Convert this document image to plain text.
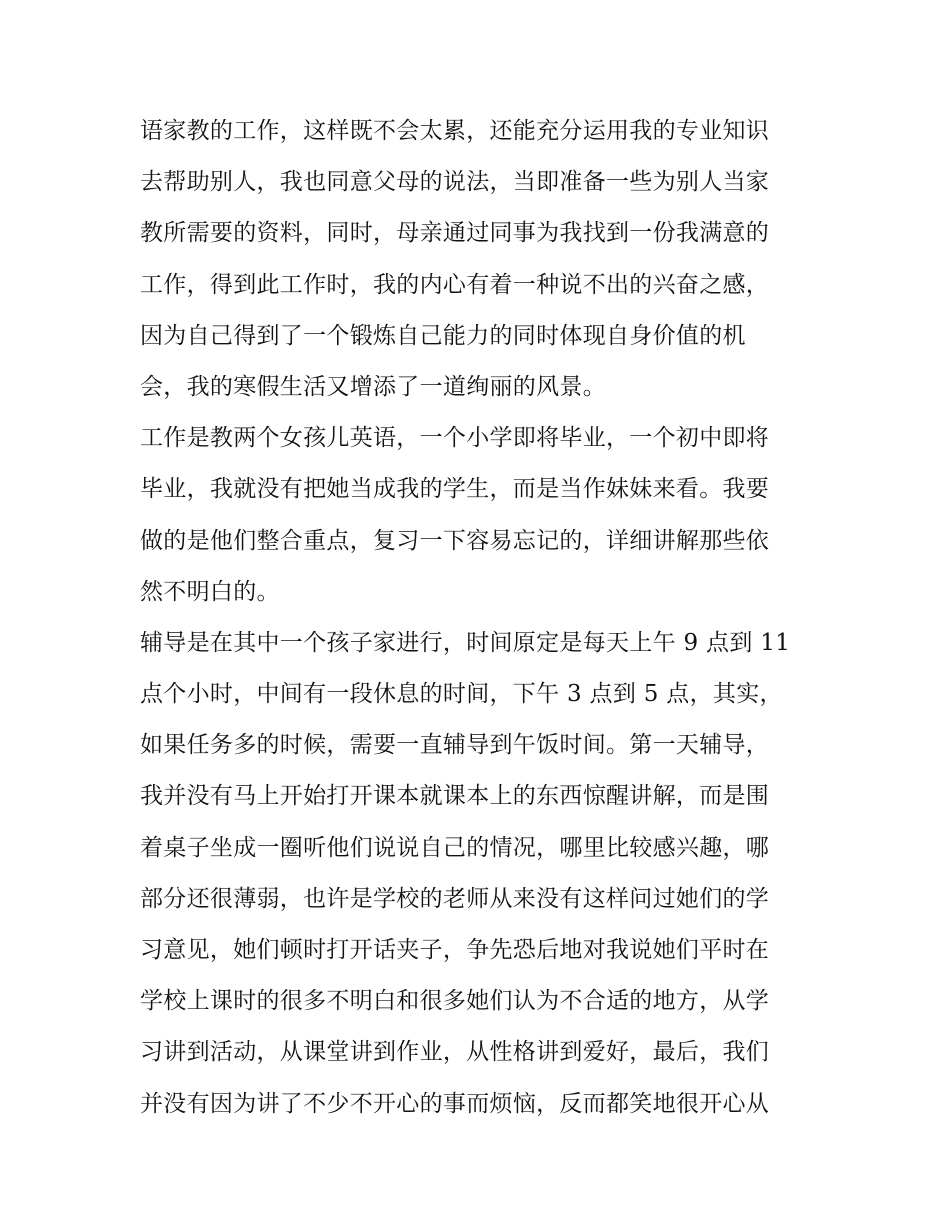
语家教的工作，这样既不会太累，还能充分运用我的专业知识
去帮助别人，我也同意父母的说法，当即准备一些为别人当家
教所需要的资料，同时，母亲通过同事为我找到一份我满意的
工作，得到此工作时，我的内心有着一种说不出的兴奋之感，
因为自己得到了一个锻炼自己能力的同时体现自身价值的机
会，我的寒假生活又增添了一道绚丽的风景。
工作是教两个女孩儿英语，一个小学即将毕业，一个初中即将
毕业，我就没有把她当成我的学生，而是当作妹妹来看。我要
做的是他们整合重点，复习一下容易忘记的，详细讲解那些依
然不明白的。
辅导是在其中一个孩子家进行，时间原定是每天上午 9 点到 11
点个小时，中间有一段休息的时间，下午 3 点到 5 点，其实，
如果任务多的时候，需要一直辅导到午饭时间。第一天辅导，
我并没有马上开始打开课本就课本上的东西惊醒讲解，而是围
着桌子坐成一圈听他们说说自己的情况，哪里比较感兴趣，哪
部分还很薄弱，也许是学校的老师从来没有这样问过她们的学
习意见，她们顿时打开话夹子，争先恐后地对我说她们平时在
学校上课时的很多不明白和很多她们认为不合适的地方，从学
习讲到活动，从课堂讲到作业，从性格讲到爱好，最后，我们
并没有因为讲了不少不开心的事而烦恼，反而都笑地很开心从
